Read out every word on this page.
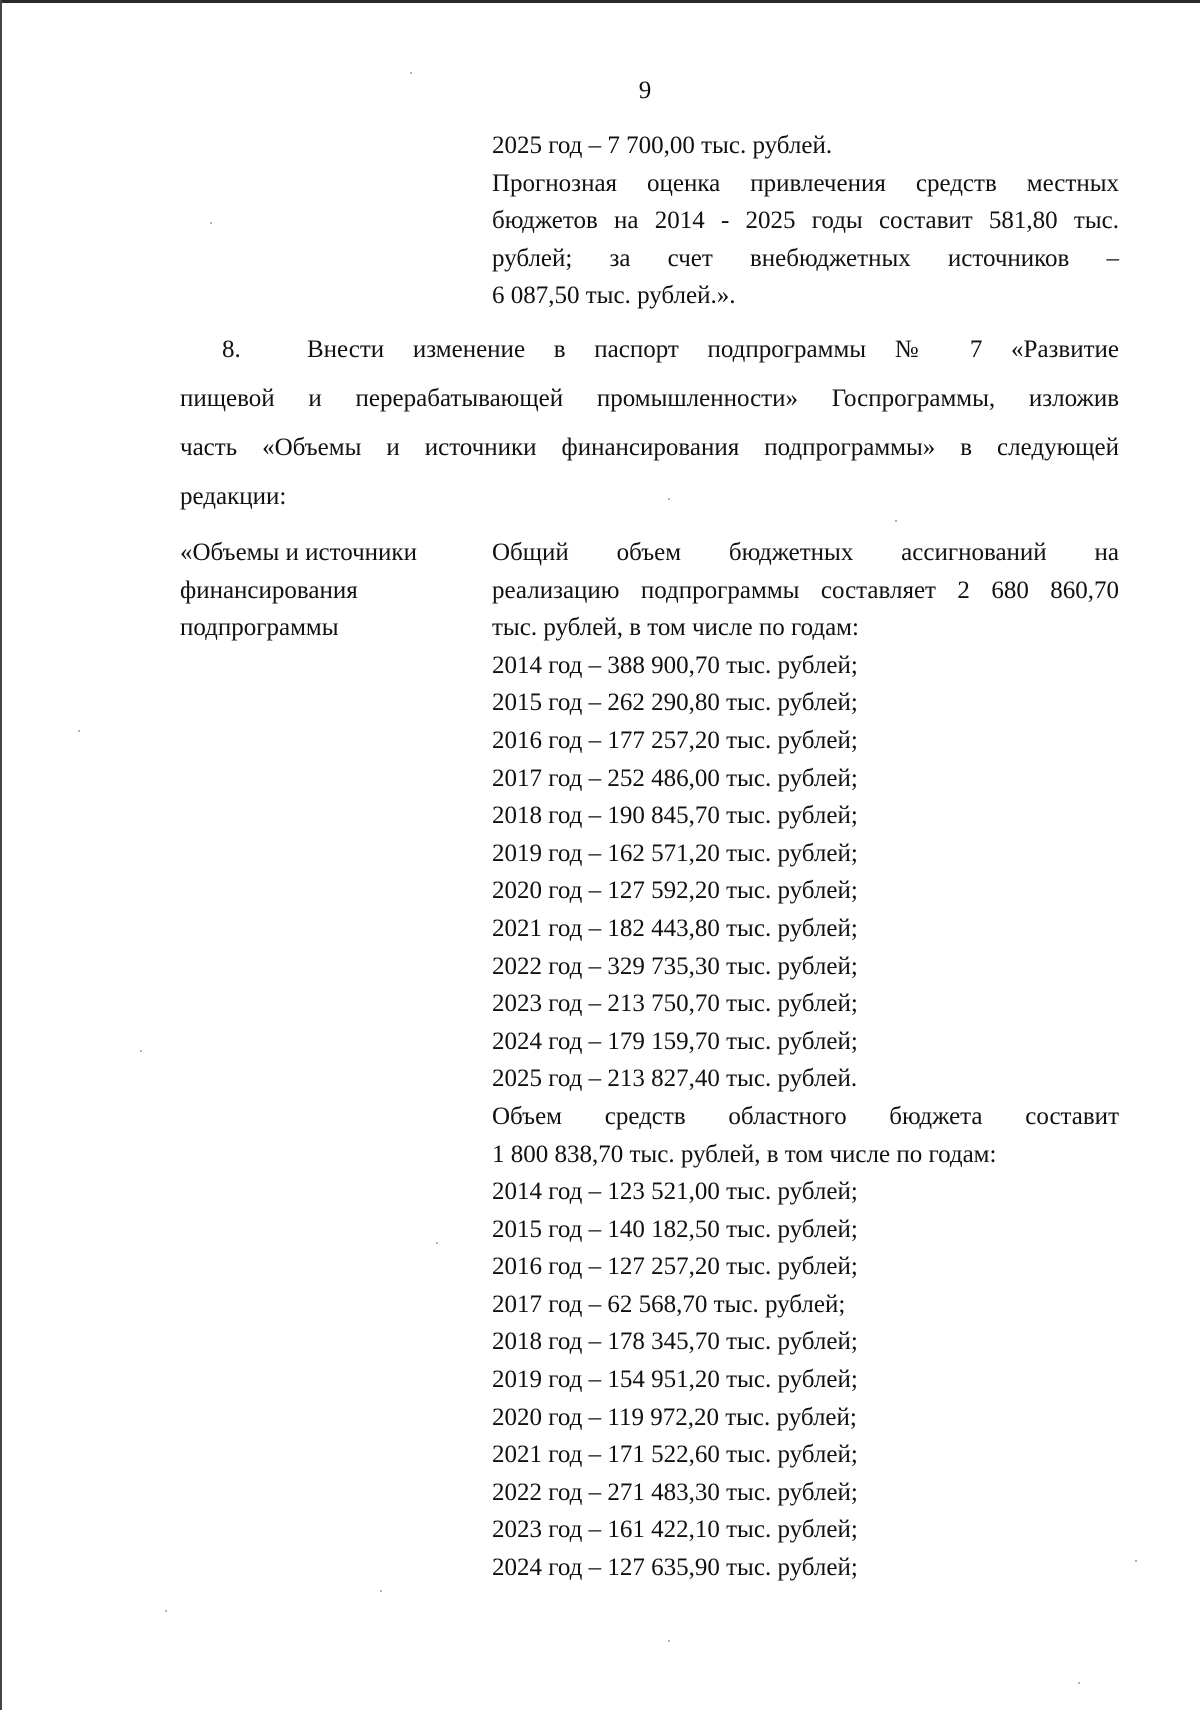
9
2025 год – 7 700,00 тыс. рублей.
Прогнозная оценка привлечения средств местных
бюджетов на 2014 - 2025 годы составит 581,80 тыс.
рублей; за счет внебюджетных источников –
6 087,50 тыс. рублей.».
8.	Внести изменение в паспорт подпрограммы № 7 «Развитие
пищевой и перерабатывающей промышленности» Госпрограммы, изложив
часть «Объемы и источники финансирования подпрограммы» в следующей
редакции:
«Объемы и источники финансирования подпрограммы
Общий объем бюджетных ассигнований на
реализацию подпрограммы составляет 2 680 860,70
тыс. рублей, в том числе по годам:
2014 год – 388 900,70 тыс. рублей;
2015 год – 262 290,80 тыс. рублей;
2016 год – 177 257,20 тыс. рублей;
2017 год – 252 486,00 тыс. рублей;
2018 год – 190 845,70 тыс. рублей;
2019 год – 162 571,20 тыс. рублей;
2020 год – 127 592,20 тыс. рублей;
2021 год – 182 443,80 тыс. рублей;
2022 год – 329 735,30 тыс. рублей;
2023 год – 213 750,70 тыс. рублей;
2024 год – 179 159,70 тыс. рублей;
2025 год – 213 827,40 тыс. рублей.
Объем средств областного бюджета составит
1 800 838,70 тыс. рублей, в том числе по годам:
2014 год – 123 521,00 тыс. рублей;
2015 год – 140 182,50 тыс. рублей;
2016 год – 127 257,20 тыс. рублей;
2017 год – 62 568,70 тыс. рублей;
2018 год – 178 345,70 тыс. рублей;
2019 год – 154 951,20 тыс. рублей;
2020 год – 119 972,20 тыс. рублей;
2021 год – 171 522,60 тыс. рублей;
2022 год – 271 483,30 тыс. рублей;
2023 год – 161 422,10 тыс. рублей;
2024 год – 127 635,90 тыс. рублей;
